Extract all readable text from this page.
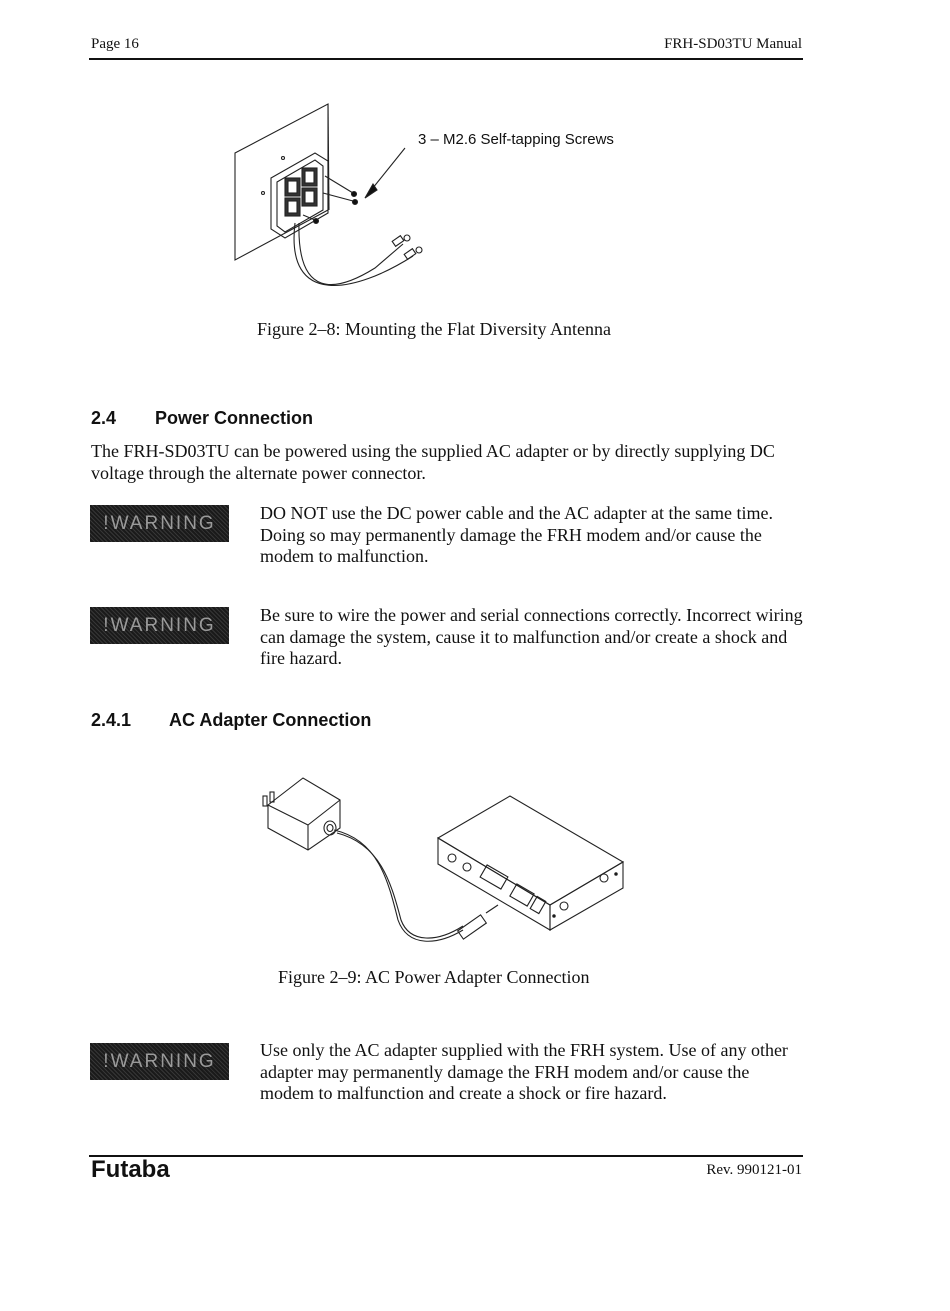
Page 16	FRH-SD03TU Manual
3 – M2.6 Self-tapping Screws
Figure 2–8: Mounting the Flat Diversity Antenna
2.4 Power Connection
The FRH-SD03TU can be powered using the supplied AC adapter or by directly supplying DC voltage through the alternate power connector.
!WARNING	DO NOT use the DC power cable and the AC adapter at the same time. Doing so may permanently damage the FRH modem and/or cause the modem to malfunction.
!WARNING	Be sure to wire the power and serial connections correctly. Incorrect wiring can damage the system, cause it to malfunction and/or create a shock and fire hazard.
2.4.1 AC Adapter Connection
Figure 2–9: AC Power Adapter Connection
!WARNING
Use only the AC adapter supplied with the FRH system. Use of any other adapter may permanently damage the FRH modem and/or cause the modem to malfunction and create a shock or fire hazard.
Futaba	Rev. 990121-01
